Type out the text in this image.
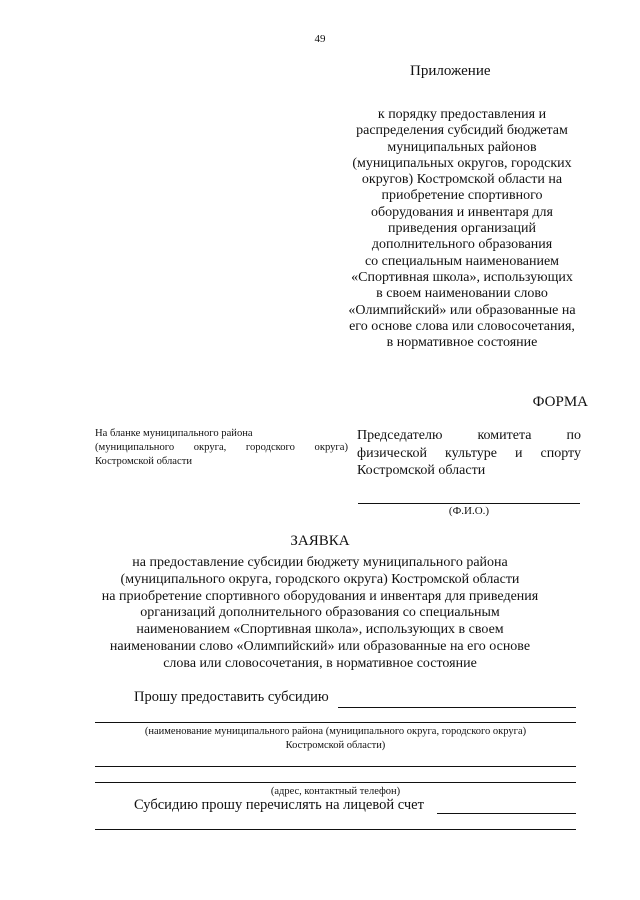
49
Приложение
к порядку предоставления и
распределения субсидий бюджетам
муниципальных районов
(муниципальных округов, городских
округов) Костромской области на
приобретение спортивного
оборудования и инвентаря для
приведения организаций
дополнительного образования
со специальным наименованием
«Спортивная школа», использующих
в своем наименовании слово
«Олимпийский» или образованные на
его основе слова или словосочетания,
в нормативное состояние
ФОРМА
На бланке муниципального района
(муниципального округа, городского округа)
Костромской области
Председателю комитета по
физической культуре и спорту
Костромской области
(Ф.И.О.)
ЗАЯВКА
на предоставление субсидии бюджету муниципального района
(муниципального округа, городского округа) Костромской области
на приобретение спортивного оборудования и инвентаря для приведения
организаций дополнительного образования со специальным
наименованием «Спортивная школа», использующих в своем
наименовании слово «Олимпийский» или образованные на его основе
слова или словосочетания, в нормативное состояние
Прошу предоставить субсидию
(наименование муниципального района (муниципального округа, городского округа)
Костромской области)
(адрес, контактный телефон)
Субсидию прошу перечислять на лицевой счет
